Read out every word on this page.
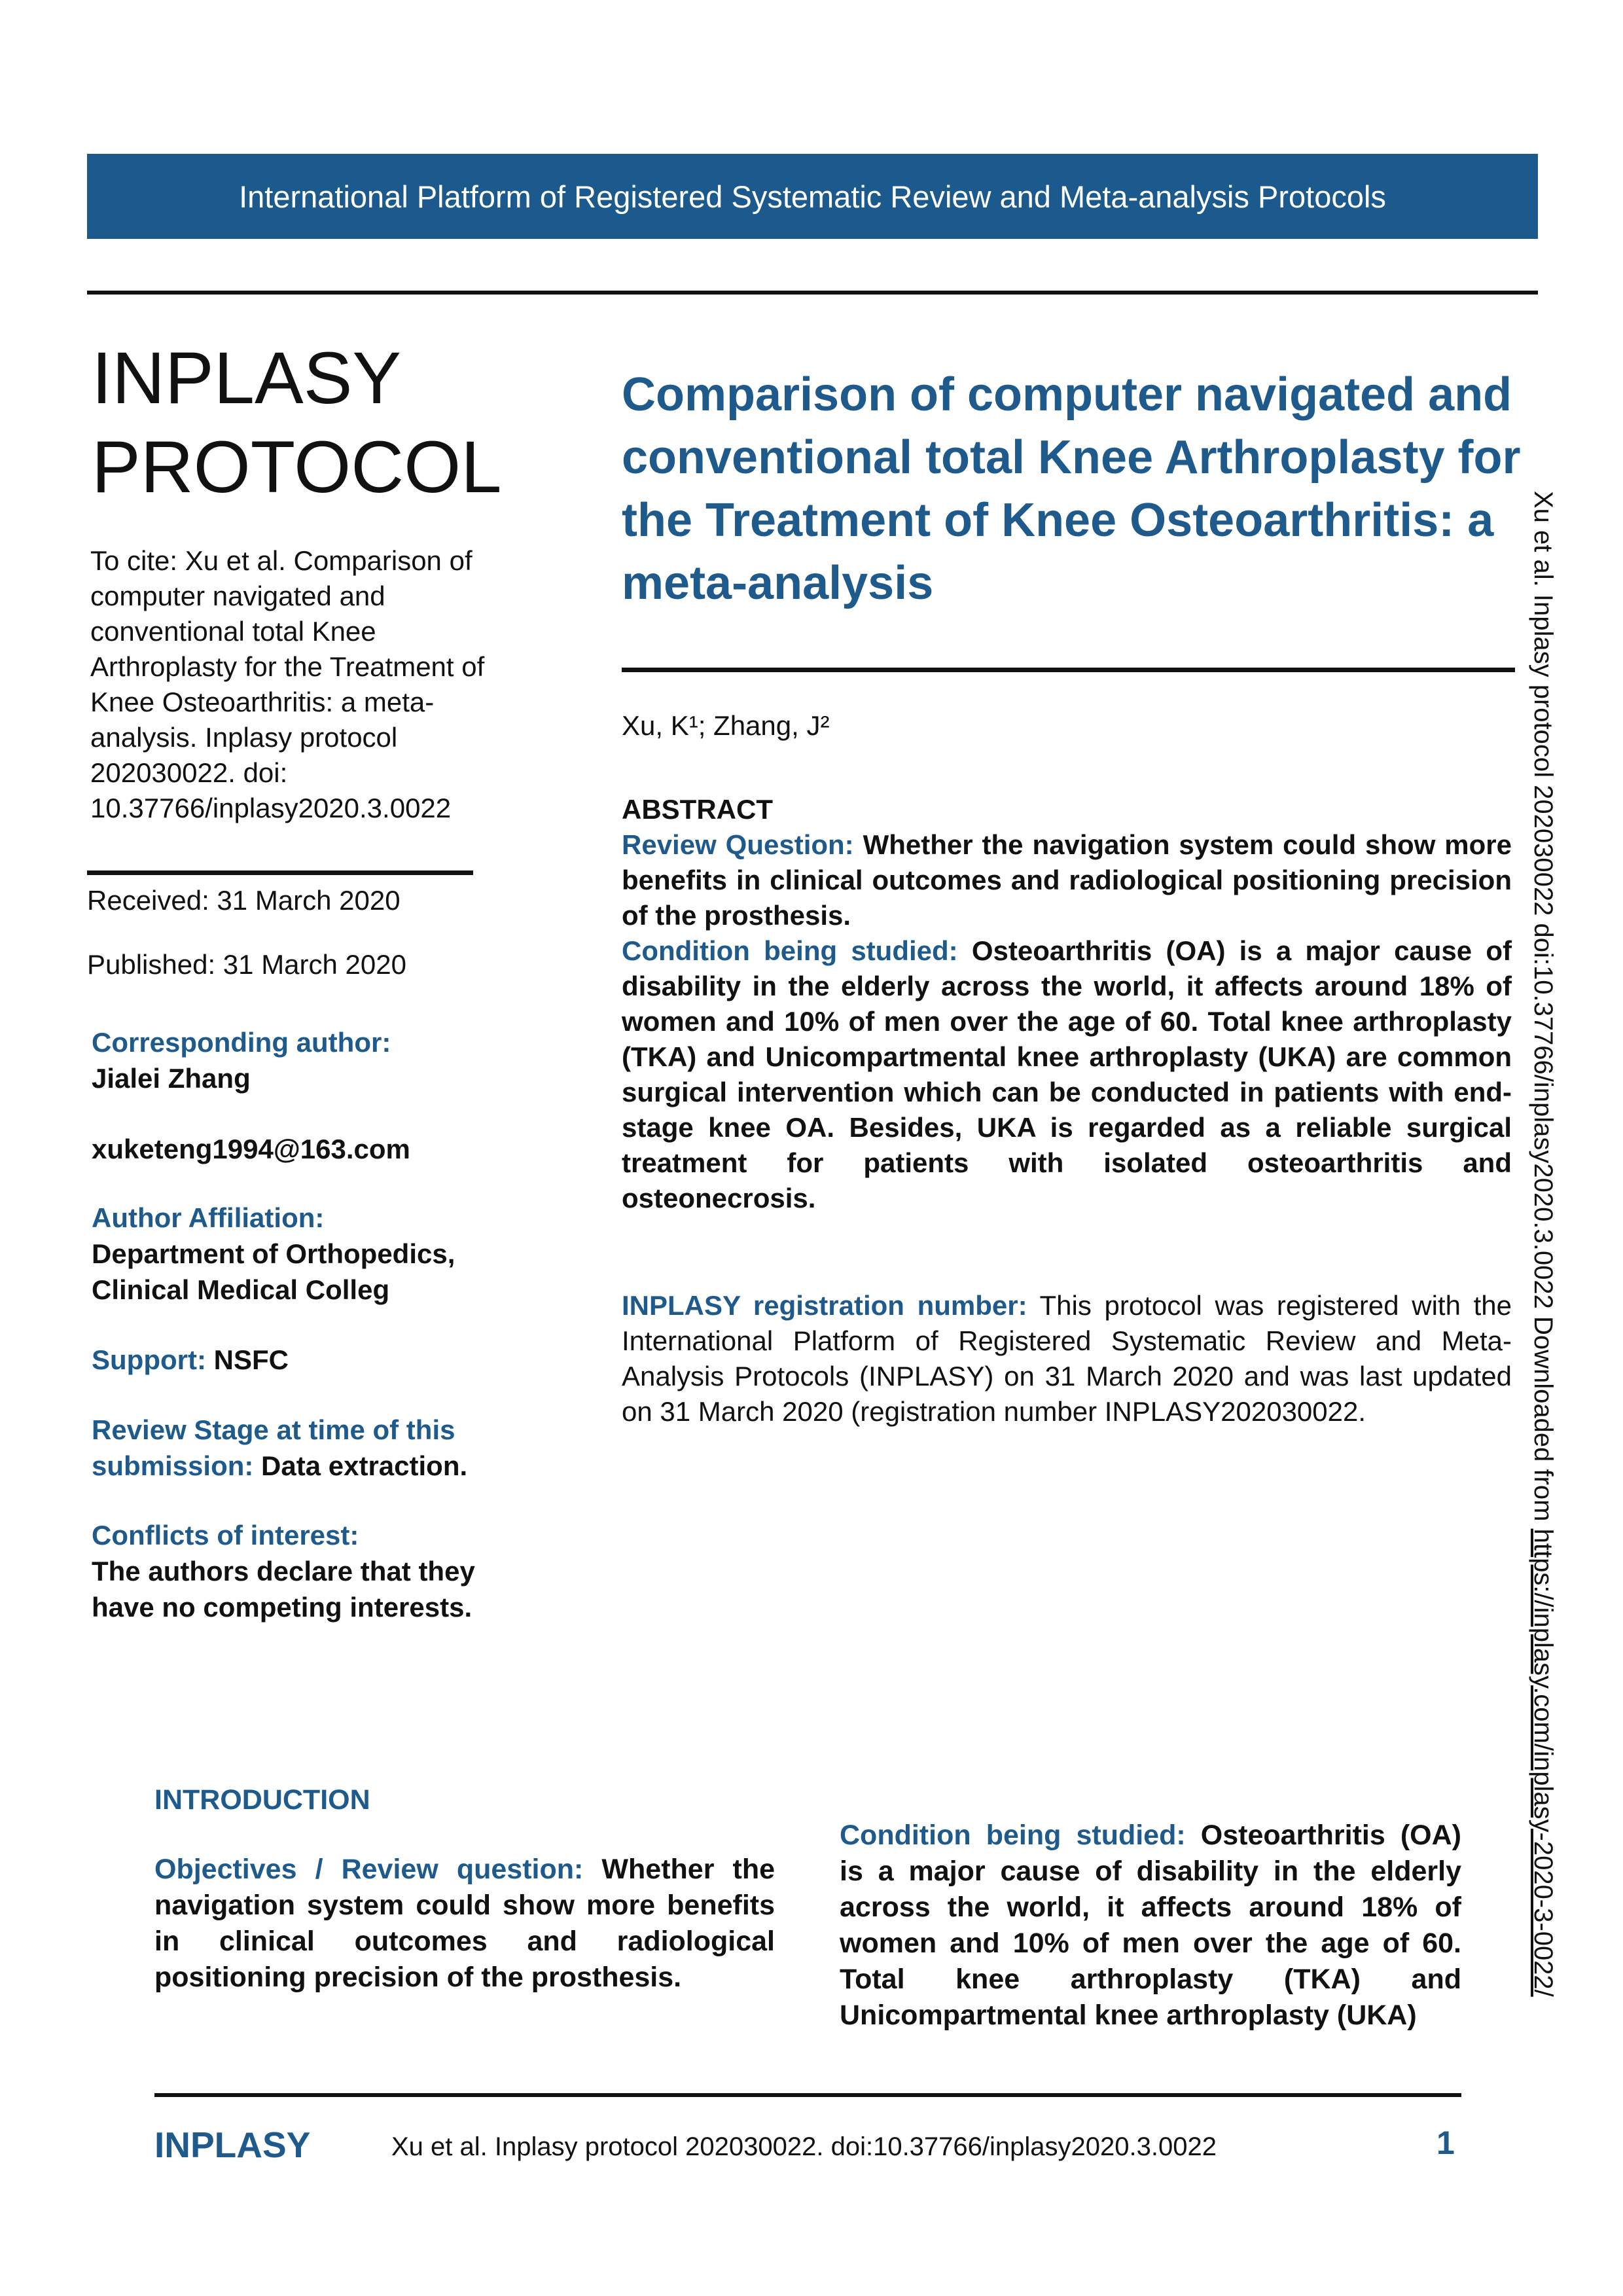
International Platform of Registered Systematic Review and Meta-analysis Protocols
INPLASY
PROTOCOL
To cite: Xu et al. Comparison of computer navigated and conventional total Knee Arthroplasty for the Treatment of Knee Osteoarthritis: a meta-analysis. Inplasy protocol 202030022. doi: 10.37766/inplasy2020.3.0022
Received: 31 March 2020
Published: 31 March 2020
Corresponding author:
Jialei Zhang
xuketeng1994@163.com
Author Affiliation:
Department of Orthopedics,
Clinical Medical Colleg
Support: NSFC
Review Stage at time of this submission: Data extraction.
Conflicts of interest:
The authors declare that they have no competing interests.
Comparison of computer navigated and conventional total Knee Arthroplasty for the Treatment of Knee Osteoarthritis: a meta-analysis
Xu, K¹; Zhang, J²
ABSTRACT
Review Question: Whether the navigation system could show more benefits in clinical outcomes and radiological positioning precision of the prosthesis.
Condition being studied: Osteoarthritis (OA) is a major cause of disability in the elderly across the world, it affects around 18% of women and 10% of men over the age of 60. Total knee arthroplasty (TKA) and Unicompartmental knee arthroplasty (UKA) are common surgical intervention which can be conducted in patients with end-stage knee OA. Besides, UKA is regarded as a reliable surgical treatment for patients with isolated osteoarthritis and osteonecrosis.
INPLASY registration number: This protocol was registered with the International Platform of Registered Systematic Review and Meta-Analysis Protocols (INPLASY) on 31 March 2020 and was last updated on 31 March 2020 (registration number INPLASY202030022.
INTRODUCTION
Objectives / Review question: Whether the navigation system could show more benefits in clinical outcomes and radiological positioning precision of the prosthesis.
Condition being studied: Osteoarthritis (OA) is a major cause of disability in the elderly across the world, it affects around 18% of women and 10% of men over the age of 60. Total knee arthroplasty (TKA) and Unicompartmental knee arthroplasty (UKA)
INPLASY	Xu et al. Inplasy protocol 202030022. doi:10.37766/inplasy2020.3.0022	1
Xu et al. Inplasy protocol 202030022 doi:10.37766/inplasy2020.3.0022 Downloaded from https://inplasy.com/inplasy-2020-3-0022/
